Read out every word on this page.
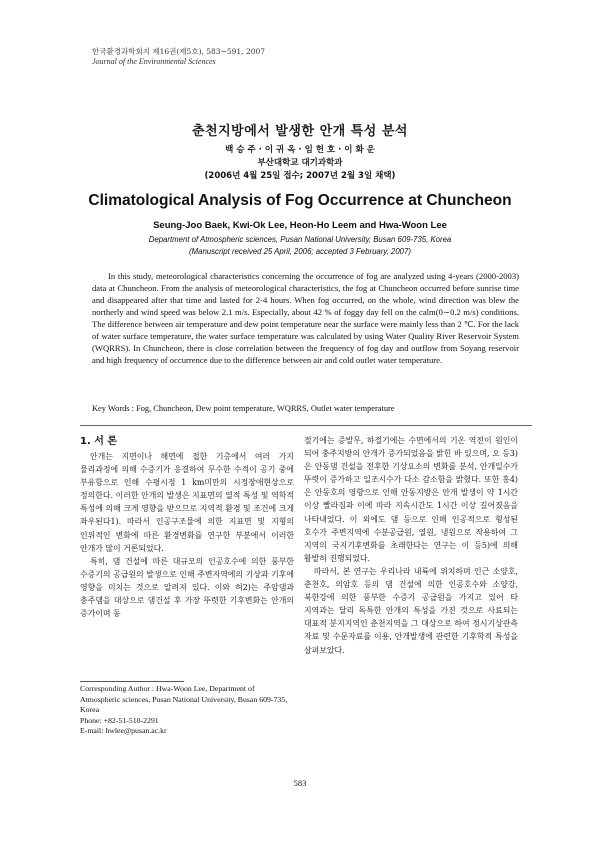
한국환경과학회지 제16권(제5호), 583~591, 2007
Journal of the Environmental Sciences
춘천지방에서 발생한 안개 특성 분석
백 승 주 · 이 귀 옥 · 임 헌 호 · 이 화 운
부산대학교 대기과학과
(2006년 4월 25일 접수; 2007년 2월 3일 채택)
Climatological Analysis of Fog Occurrence at Chuncheon
Seung-Joo Baek, Kwi-Ok Lee, Heon-Ho Leem and Hwa-Woon Lee
Department of Atmospheric sciences, Pusan National University, Busan 609-735, Korea
(Manuscript received 25 April, 2006; accepted 3 February, 2007)

In this study, meteorological characteristics concerning the occurrence of fog are analyzed using 4-years (2000-2003) data at Chuncheon. From the analysis of meteorological characteristics, the fog at Chuncheon occurred before sunrise time and disappeared after that time and lasted for 2-4 hours. When fog occurred, on the whole, wind direction was blew the northerly and wind speed was below 2.1 m/s. Especially, about 42 % of foggy day fell on the calm(0∼0.2 m/s) conditions. The difference between air temperature and dew point temperature near the surface were mainly less than 2 ℃. For the lack of water surface temperature, the water surface temperature was calculated by using Water Quality River Reservoir System (WQRRS). In Chuncheon, there is close correlation between the frequency of fog day and outflow from Soyang reservoir and high frequency of occurrence due to the difference between air and cold outlet water temperature.

Key Words : Fog, Chuncheon, Dew point temperature, WQRRS, Outlet water temperature

1. 서 론

안개는 지면이나 해면에 접한 기층에서 여러 가지 물리과정에 의해 수증기가 응결하여 무수한 수적이 공기 중에 부유함으로 인해 수평시정 1 km미만의 시정장애현상으로 정의한다. 이러한 안개의 발생은 지표면의 열적 특성 및 역학적 특성에 의해 크게 영향을 받으므로 지역적 환경 및 조건에 크게 좌우된다1). 따라서 인공구조물에 의한 지표면 및 지형의 인위적인 변화에 따른 환경변화를 연구한 부분에서 이러한 안개가 많이 거론되었다.

특히, 댐 건설에 따른 대규모의 인공호수에 의한 풍부한 수증기의 공급원의 발생으로 인해 주변지역에의 기상과 기후에 영향을 미치는 것으로 알려져 있다. 이와 허2)는 주암댐과 충주댐을 대상으로 댐건설 후 가장 뚜렷한 기후변화는 안개의 증가이며 동

Corresponding Author : Hwa-Woon Lee, Department of Atmospheric sciences, Pusan National University, Busan 609-735, Korea
Phone: +82-51-510-2291
E-mail: hwlee@pusan.ac.kr

절기에는 증발무, 하절기에는 수면에서의 기온 역전이 원인이 되어 충주지방의 안개가 증가되었음을 밝힌 바 있으며, 오 등3)은 안동댐 건설을 전후한 기상요소의 변화를 분석, 안개일수가 뚜렷이 증가하고 일조시수가 다소 감소함을 밝혔다. 또한 홍4)은 안동호의 영향으로 인해 안동지방은 안개 발생이 약 1시간 이상 빨라짐과 이에 따라 지속시간도 1시간 이상 길어졌음을 나타내었다. 이 외에도 댐 등으로 인해 인공적으로 형성된 호수가 주변지역에 수분공급원, 열원, 냉원으로 작용하여 그 지역의 국지기후변화를 초래한다는 연구는 이 등5)에 의해 활발히 진행되었다.

따라서, 본 연구는 우리나라 내륙에 위치하며 인근 소양호, 춘천호, 의암호 등의 댐 건설에 의한 인공호수와 소양강, 북한강에 의한 풍부한 수증기 공급원을 가지고 있어 타 지역과는 달리 독특한 안개의 특성을 가진 것으로 사료되는 대표적 분지지역인 춘천지역을 그 대상으로 하여 정시기상관측 자료 및 수문자료를 이용, 안개발생에 관련한 기후학적 특성을 살펴보았다.

583
